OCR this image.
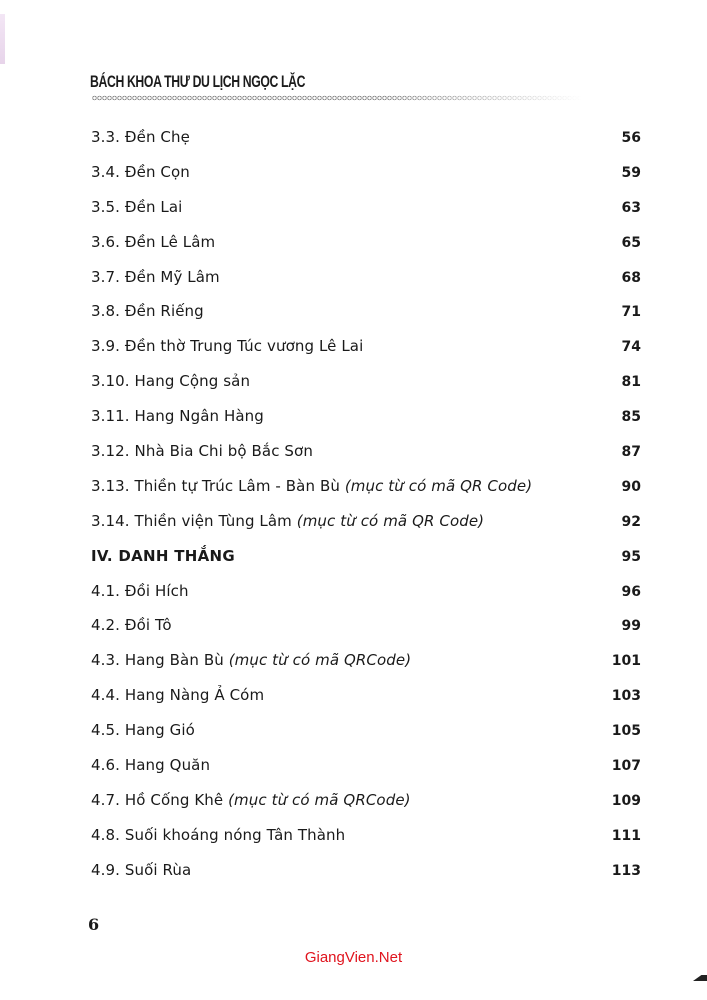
BÁCH KHOA THƯ DU LỊCH NGỌC LẶC
3.3. Đền Chẹ	56
3.4. Đền Cọn	59
3.5. Đền Lai	63
3.6. Đền Lê Lâm	65
3.7. Đền Mỹ Lâm	68
3.8. Đền Riếng	71
3.9. Đền thờ Trung Túc vương Lê Lai	74
3.10. Hang Cộng sản	81
3.11. Hang Ngân Hàng	85
3.12. Nhà Bia Chi bộ Bắc Sơn	87
3.13. Thiền tự Trúc Lâm - Bàn Bù (mục từ có mã QR Code)	90
3.14. Thiền viện Tùng Lâm (mục từ có mã QR Code)	92
IV. DANH THẮNG	95
4.1. Đồi Hích	96
4.2. Đồi Tô	99
4.3. Hang Bàn Bù (mục từ có mã QRCode)	101
4.4. Hang Nàng Ả Cóm	103
4.5. Hang Gió	105
4.6. Hang Quăn	107
4.7. Hồ Cống Khê (mục từ có mã QRCode)	109
4.8. Suối khoáng nóng Tân Thành	111
4.9. Suối Rùa	113
6
GiangVien.Net
